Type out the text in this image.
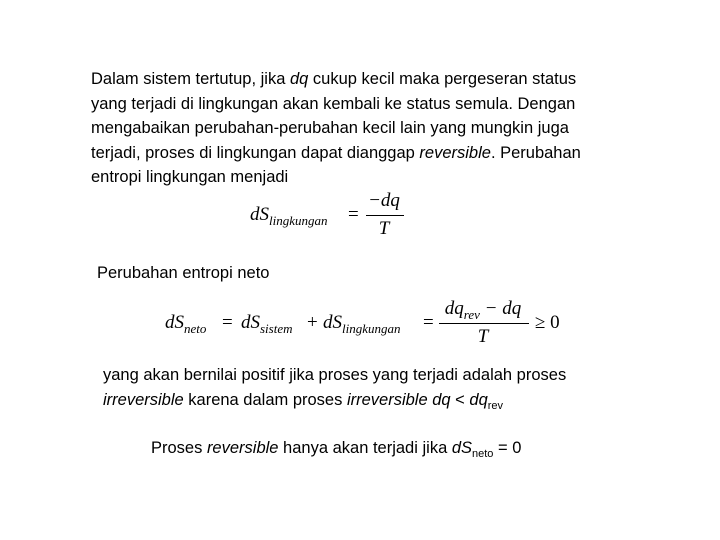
Dalam sistem tertutup, jika dq cukup kecil maka pergeseran status
yang terjadi di lingkungan akan kembali ke status semula. Dengan
mengabaikan perubahan-perubahan kecil lain yang mungkin juga
terjadi, proses di lingkungan dapat dianggap reversible. Perubahan
entropi lingkungan menjadi
$dS_{lingkungan}$ =
−dq
T
Perubahan entropi neto
$dS_{neto} = dS_{sistem} + dS_{lingkungan}$ =
$dq_{rev}$ − dq
T
≥ 0
yang akan bernilai positif jika proses yang terjadi adalah proses
irreversible karena dalam proses irreversible dq < $dq_{rev}$
Proses reversible hanya akan terjadi jika $dS_{neto} = 0$
